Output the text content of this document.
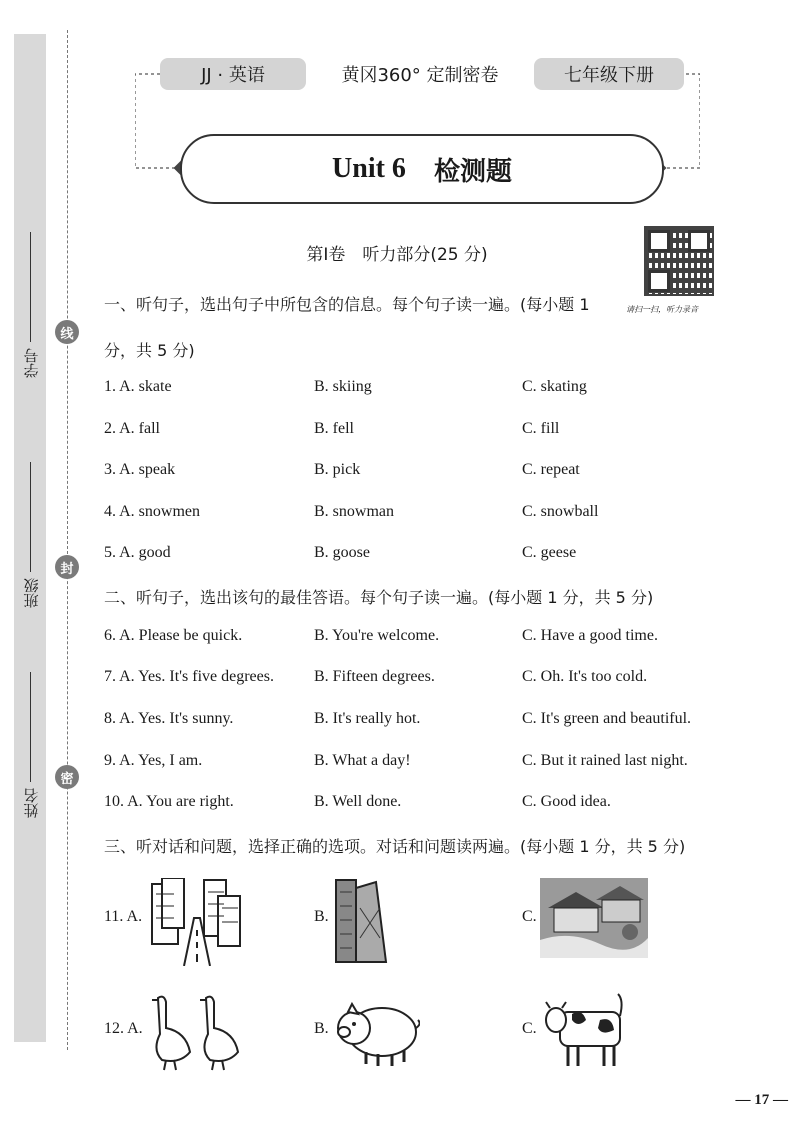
学号
班级
姓名
线
封
密
JJ · 英语	黄冈360° 定制密卷	七年级下册
Unit 6 检测题
第Ⅰ卷　听力部分(25 分)
请扫一扫，听力录音
一、听句子，选出句子中所包含的信息。每个句子读一遍。(每小题 1
分，共 5 分)
1. A. skate	B. skiing	C. skating
2. A. fall	B. fell	C. fill
3. A. speak	B. pick	C. repeat
4. A. snowmen	B. snowman	C. snowball
5. A. good	B. goose	C. geese
二、听句子，选出该句的最佳答语。每个句子读一遍。(每小题 1 分，共 5 分)
6. A. Please be quick.	B. You're welcome.	C. Have a good time.
7. A. Yes. It's five degrees.	B. Fifteen degrees.	C. Oh. It's too cold.
8. A. Yes. It's sunny.	B. It's really hot.	C. It's green and beautiful.
9. A. Yes, I am.	B. What a day!	C. But it rained last night.
10. A. You are right.	B. Well done.	C. Good idea.
三、听对话和问题，选择正确的选项。对话和问题读两遍。(每小题 1 分，共 5 分)
11. A.	B.	C.
12. A.	B.	C.
— 17 —
